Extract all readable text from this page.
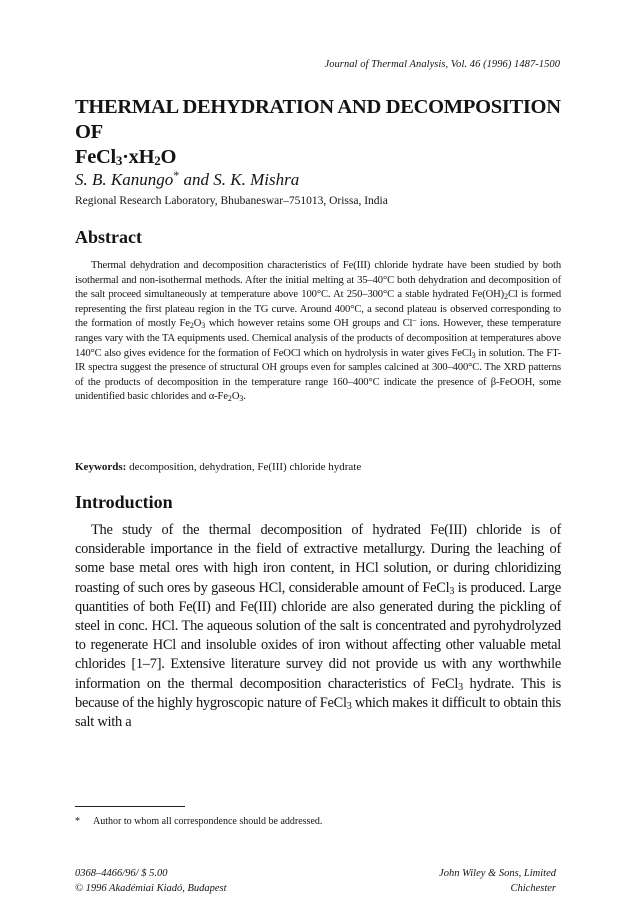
Journal of Thermal Analysis, Vol. 46 (1996) 1487-1500
THERMAL DEHYDRATION AND DECOMPOSITION OF
$FeCl_3\cdot xH_2O$
S. B. Kanungo* and S. K. Mishra
Regional Research Laboratory, Bhubaneswar–751013, Orissa, India
Abstract
Thermal dehydration and decomposition characteristics of Fe(III) chloride hydrate have been studied by both isothermal and non-isothermal methods. After the initial melting at 35–40°C both dehydration and decomposition of the salt proceed simultaneously at temperature above 100°C. At 250–300°C a stable hydrated $Fe(OH)_2Cl$ is formed representing the first plateau region in the TG curve. Around 400°C, a second plateau is observed corresponding to the formation of mostly $Fe_2O_3$ which however retains some OH groups and Cl– ions. However, these temperature ranges vary with the TA equipments used. Chemical analysis of the products of decomposition at temperatures above 140°C also gives evidence for the formation of FeOCl which on hydrolysis in water gives FeCl$_3$ in solution. The FT-IR spectra suggest the presence of structural OH groups even for samples calcined at 300–400°C. The XRD patterns of the products of decomposition in the temperature range 160–400°C indicate the presence of β-FeOOH, some unidentified basic chlorides and $\alpha-Fe_2O_3$.
Keywords: decomposition, dehydration, Fe(III) chloride hydrate
Introduction
The study of the thermal decomposition of hydrated Fe(III) chloride is of considerable importance in the field of extractive metallurgy. During the leaching of some base metal ores with high iron content, in HCl solution, or during chloridizing roasting of such ores by gaseous HCl, considerable amount of FeCl$_3$ is produced. Large quantities of both Fe(II) and Fe(III) chloride are also generated during the pickling of steel in conc. HCl. The aqueous solution of the salt is concentrated and pyrohydrolyzed to regenerate HCl and insoluble oxides of iron without affecting other valuable metal chlorides [1–7]. Extensive literature survey did not provide us with any worthwhile information on the thermal decomposition characteristics of FeCl$_3$ hydrate. This is because of the highly hygroscopic nature of FeCl$_3$ which makes it difficult to obtain this salt with a
* Author to whom all correspondence should be addressed.
0368–4466/96/ $ 5.00
© 1996 Akadémiai Kiadó, Budapest
John Wiley & Sons, Limited
Chichester
